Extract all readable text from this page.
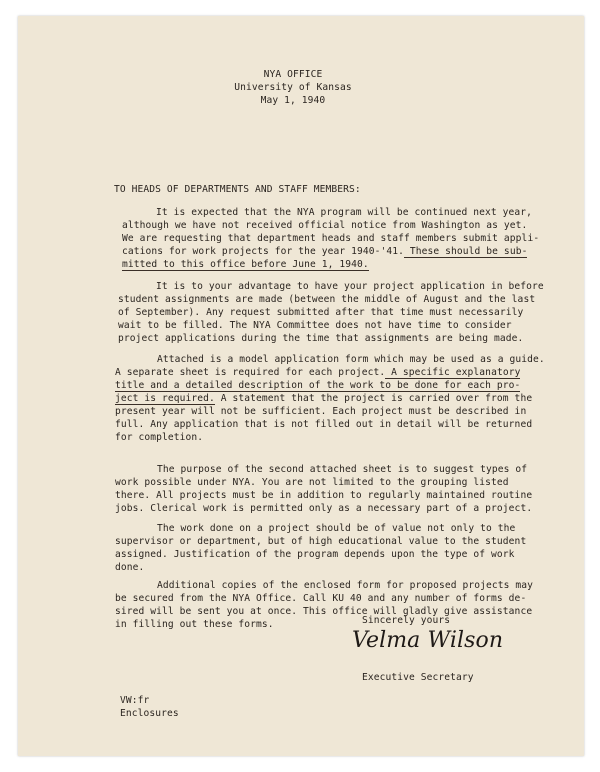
NYA OFFICE
University of Kansas
May 1, 1940
TO HEADS OF DEPARTMENTS AND STAFF MEMBERS:
It is expected that the NYA program will be continued next year,
although we have not received official notice from Washington as yet.
We are requesting that department heads and staff members submit appli-
cations for work projects for the year 1940-'41. These should be sub-
mitted to this office before June 1, 1940.
It is to your advantage to have your project application in before
student assignments are made (between the middle of August and the last
of September). Any request submitted after that time must necessarily
wait to be filled. The NYA Committee does not have time to consider
project applications during the time that assignments are being made.
Attached is a model application form which may be used as a guide.
A separate sheet is required for each project. A specific explanatory
title and a detailed description of the work to be done for each pro-
ject is required. A statement that the project is carried over from the
present year will not be sufficient. Each project must be described in
full. Any application that is not filled out in detail will be returned
for completion.
The purpose of the second attached sheet is to suggest types of
work possible under NYA. You are not limited to the grouping listed
there. All projects must be in addition to regularly maintained routine
jobs. Clerical work is permitted only as a necessary part of a project.
The work done on a project should be of value not only to the
supervisor or department, but of high educational value to the student
assigned. Justification of the program depends upon the type of work
done.
Additional copies of the enclosed form for proposed projects may
be secured from the NYA Office. Call KU 40 and any number of forms de-
sired will be sent you at once. This office will gladly give assistance
in filling out these forms.	Sincerely yours
Velma Wilson
Executive Secretary
VW:fr
Enclosures
